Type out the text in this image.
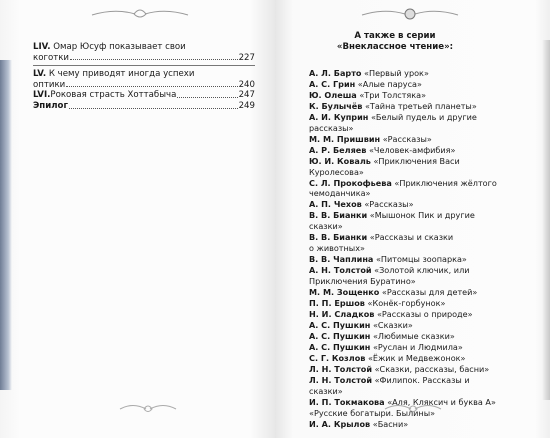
LIV. Омар Юсуф показывает свои
коготки	227
LV. К чему приводят иногда успехи
оптики	240
LVI. Роковая страсть Хоттабыча	247
Эпилог	249
А также в серии
«Внеклассное чтение»:
А. Л. Барто «Первый урок»
А. С. Грин «Алые паруса»
Ю. Олеша «Три Толстяка»
К. Булычёв «Тайна третьей планеты»
А. И. Куприн «Белый пудель и другие
рассказы»
М. М. Пришвин «Рассказы»
А. Р. Беляев «Человек-амфибия»
Ю. И. Коваль «Приключения Васи
Куролесова»
С. Л. Прокофьева «Приключения жёлтого
чемоданчика»
А. П. Чехов «Рассказы»
В. В. Бианки «Мышонок Пик и другие
сказки»
В. В. Бианки «Рассказы и сказки
о животных»
В. В. Чаплина «Питомцы зоопарка»
А. Н. Толстой «Золотой ключик, или
Приключения Буратино»
М. М. Зощенко «Рассказы для детей»
П. П. Ершов «Конёк-горбунок»
Н. И. Сладков «Рассказы о природе»
А. С. Пушкин «Сказки»
А. С. Пушкин «Любимые сказки»
А. С. Пушкин «Руслан и Людмила»
С. Г. Козлов «Ёжик и Медвежонок»
Л. Н. Толстой «Сказки, рассказы, басни»
Л. Н. Толстой «Филипок. Рассказы и сказки»
И. П. Токмакова «Аля, Кляксич и буква А»
«Русские богатыри. Былины»
И. А. Крылов «Басни»
